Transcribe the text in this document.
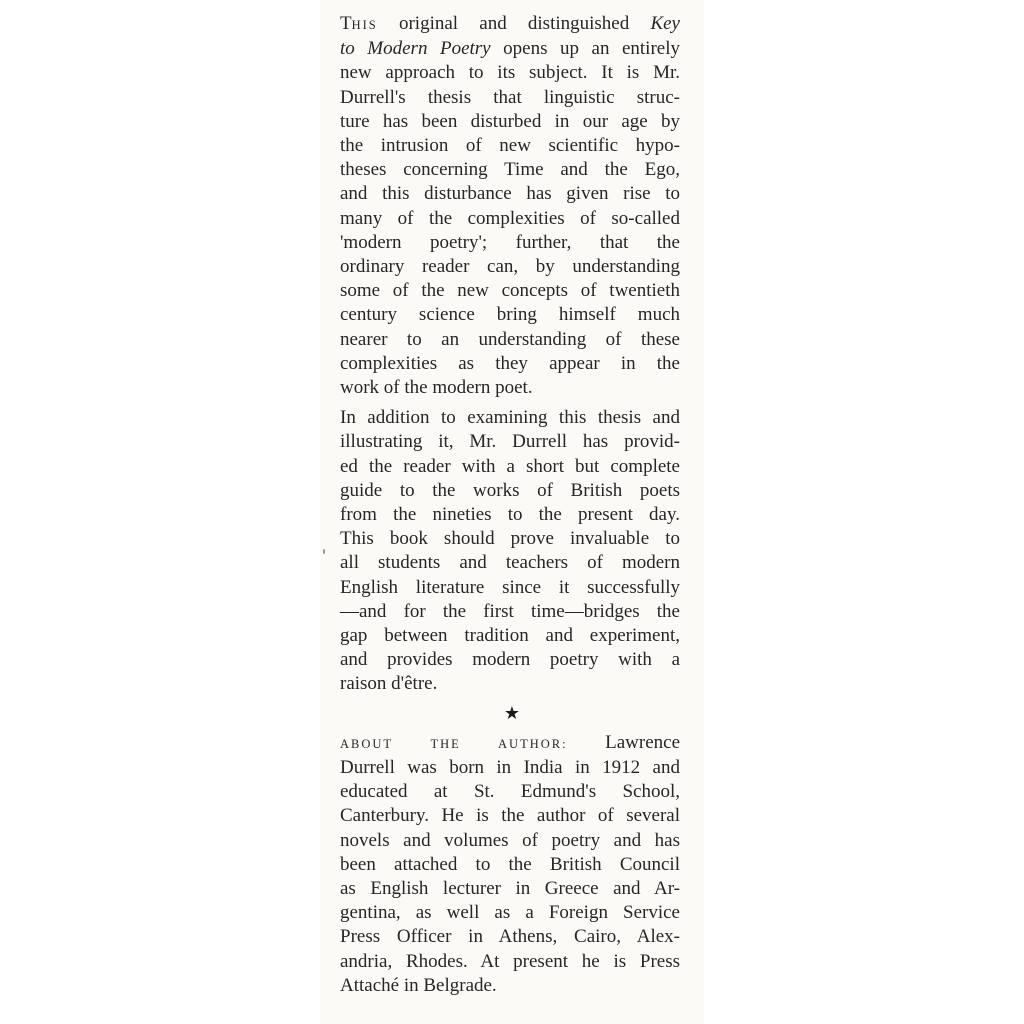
THIS original and distinguished Key
to Modern Poetry opens up an entirely
new approach to its subject. It is Mr.
Durrell's thesis that linguistic struc-
ture has been disturbed in our age by
the intrusion of new scientific hypo-
theses concerning Time and the Ego,
and this disturbance has given rise to
many of the complexities of so-called
'modern poetry'; further, that the
ordinary reader can, by understanding
some of the new concepts of twentieth
century science bring himself much
nearer to an understanding of these
complexities as they appear in the
work of the modern poet.

In addition to examining this thesis and
illustrating it, Mr. Durrell has provid-
ed the reader with a short but complete
guide to the works of British poets
from the nineties to the present day.
This book should prove invaluable to
all students and teachers of modern
English literature since it successfully
—and for the first time—bridges the
gap between tradition and experiment,
and provides modern poetry with a
raison d'être.

★

ABOUT THE AUTHOR: Lawrence
Durrell was born in India in 1912 and
educated at St. Edmund's School,
Canterbury. He is the author of several
novels and volumes of poetry and has
been attached to the British Council
as English lecturer in Greece and Ar-
gentina, as well as a Foreign Service
Press Officer in Athens, Cairo, Alex-
andria, Rhodes. At present he is Press
Attaché in Belgrade.
